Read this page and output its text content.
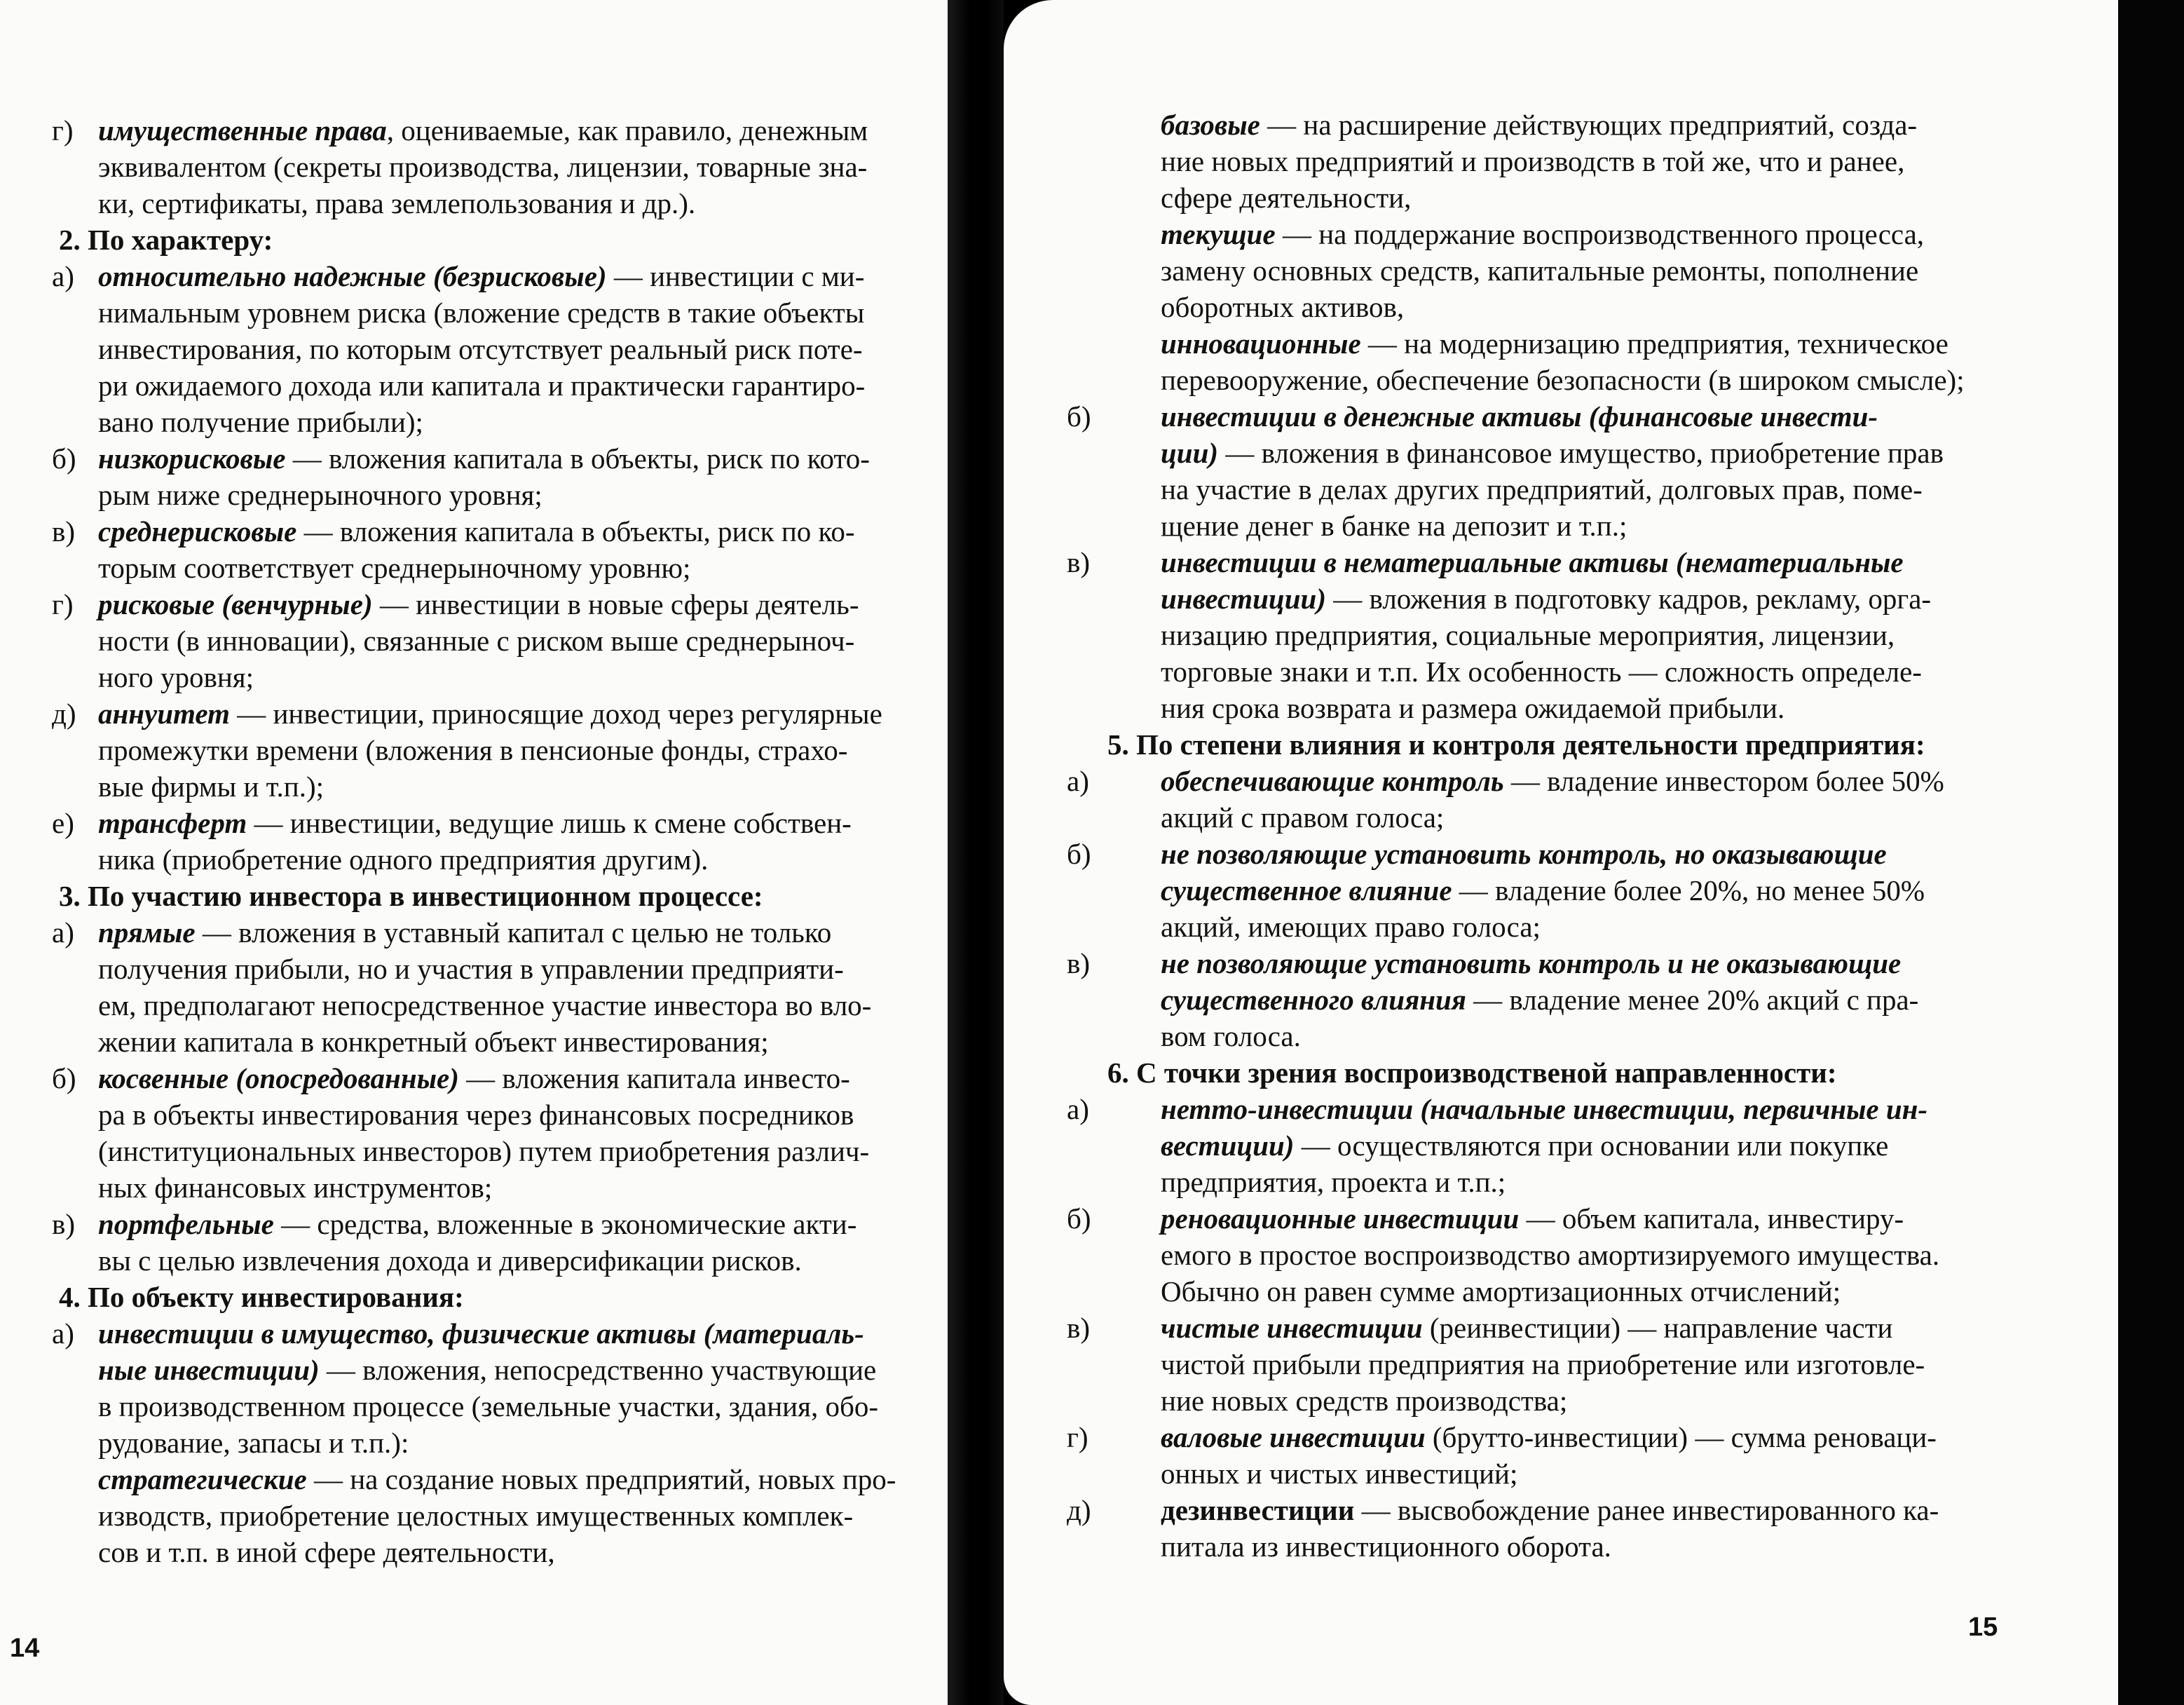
г) имущественные права, оцениваемые, как правило, денежным
эквивалентом (секреты производства, лицензии, товарные зна-
ки, сертификаты, права землепользования и др.).
2. По характеру:
а) относительно надежные (безрисковые) — инвестиции с ми-
нимальным уровнем риска (вложение средств в такие объекты
инвестирования, по которым отсутствует реальный риск поте-
ри ожидаемого дохода или капитала и практически гарантиро-
вано получение прибыли);
б) низкорисковые — вложения капитала в объекты, риск по кото-
рым ниже среднерыночного уровня;
в) среднерисковые — вложения капитала в объекты, риск по ко-
торым соответствует среднерыночному уровню;
г) рисковые (венчурные) — инвестиции в новые сферы деятель-
ности (в инновации), связанные с риском выше среднерыноч-
ного уровня;
д) аннуитет — инвестиции, приносящие доход через регулярные
промежутки времени (вложения в пенсионые фонды, страхо-
вые фирмы и т.п.);
е) трансферт — инвестиции, ведущие лишь к смене собствен-
ника (приобретение одного предприятия другим).
3. По участию инвестора в инвестиционном процессе:
а) прямые — вложения в уставный капитал с целью не только
получения прибыли, но и участия в управлении предприяти-
ем, предполагают непосредственное участие инвестора во вло-
жении капитала в конкретный объект инвестирования;
б) косвенные (опосредованные) — вложения капитала инвесто-
ра в объекты инвестирования через финансовых посредников
(институциональных инвесторов) путем приобретения различ-
ных финансовых инструментов;
в) портфельные — средства, вложенные в экономические акти-
вы с целью извлечения дохода и диверсификации рисков.
4. По объекту инвестирования:
а) инвестиции в имущество, физические активы (материаль-
ные инвестиции) — вложения, непосредственно участвующие
в производственном процессе (земельные участки, здания, обо-
рудование, запасы и т.п.):
стратегические — на создание новых предприятий, новых про-
изводств, приобретение целостных имущественных комплек-
сов и т.п. в иной сфере деятельности,
14
базовые — на расширение действующих предприятий, созда-
ние новых предприятий и производств в той же, что и ранее,
сфере деятельности,
текущие — на поддержание воспроизводственного процесса,
замену основных средств, капитальные ремонты, пополнение
оборотных активов,
инновационные — на модернизацию предприятия, техническое
перевооружение, обеспечение безопасности (в широком смысле);
б) инвестиции в денежные активы (финансовые инвести-
ции) — вложения в финансовое имущество, приобретение прав
на участие в делах других предприятий, долговых прав, поме-
щение денег в банке на депозит и т.п.;
в) инвестиции в нематериальные активы (нематериальные
инвестиции) — вложения в подготовку кадров, рекламу, орга-
низацию предприятия, социальные мероприятия, лицензии,
торговые знаки и т.п. Их особенность — сложность определе-
ния срока возврата и размера ожидаемой прибыли.
5. По степени влияния и контроля деятельности предприятия:
а) обеспечивающие контроль — владение инвестором более 50%
акций с правом голоса;
б) не позволяющие установить контроль, но оказывающие
существенное влияние — владение более 20%, но менее 50%
акций, имеющих право голоса;
в) не позволяющие установить контроль и не оказывающие
существенного влияния — владение менее 20% акций с пра-
вом голоса.
6. С точки зрения воспроизводственой направленности:
а) нетто-инвестиции (начальные инвестиции, первичные ин-
вестиции) — осуществляются при основании или покупке
предприятия, проекта и т.п.;
б) реновационные инвестиции — объем капитала, инвестиру-
емого в простое воспроизводство амортизируемого имущества.
Обычно он равен сумме амортизационных отчислений;
в) чистые инвестиции (реинвестиции) — направление части
чистой прибыли предприятия на приобретение или изготовле-
ние новых средств производства;
г)	валовые инвестиции (брутто-инвестиции) — сумма реноваци-
онных и чистых инвестиций;
д) дезинвестиции — высвобождение ранее инвестированного ка-
питала из инвестиционного оборота.
15
